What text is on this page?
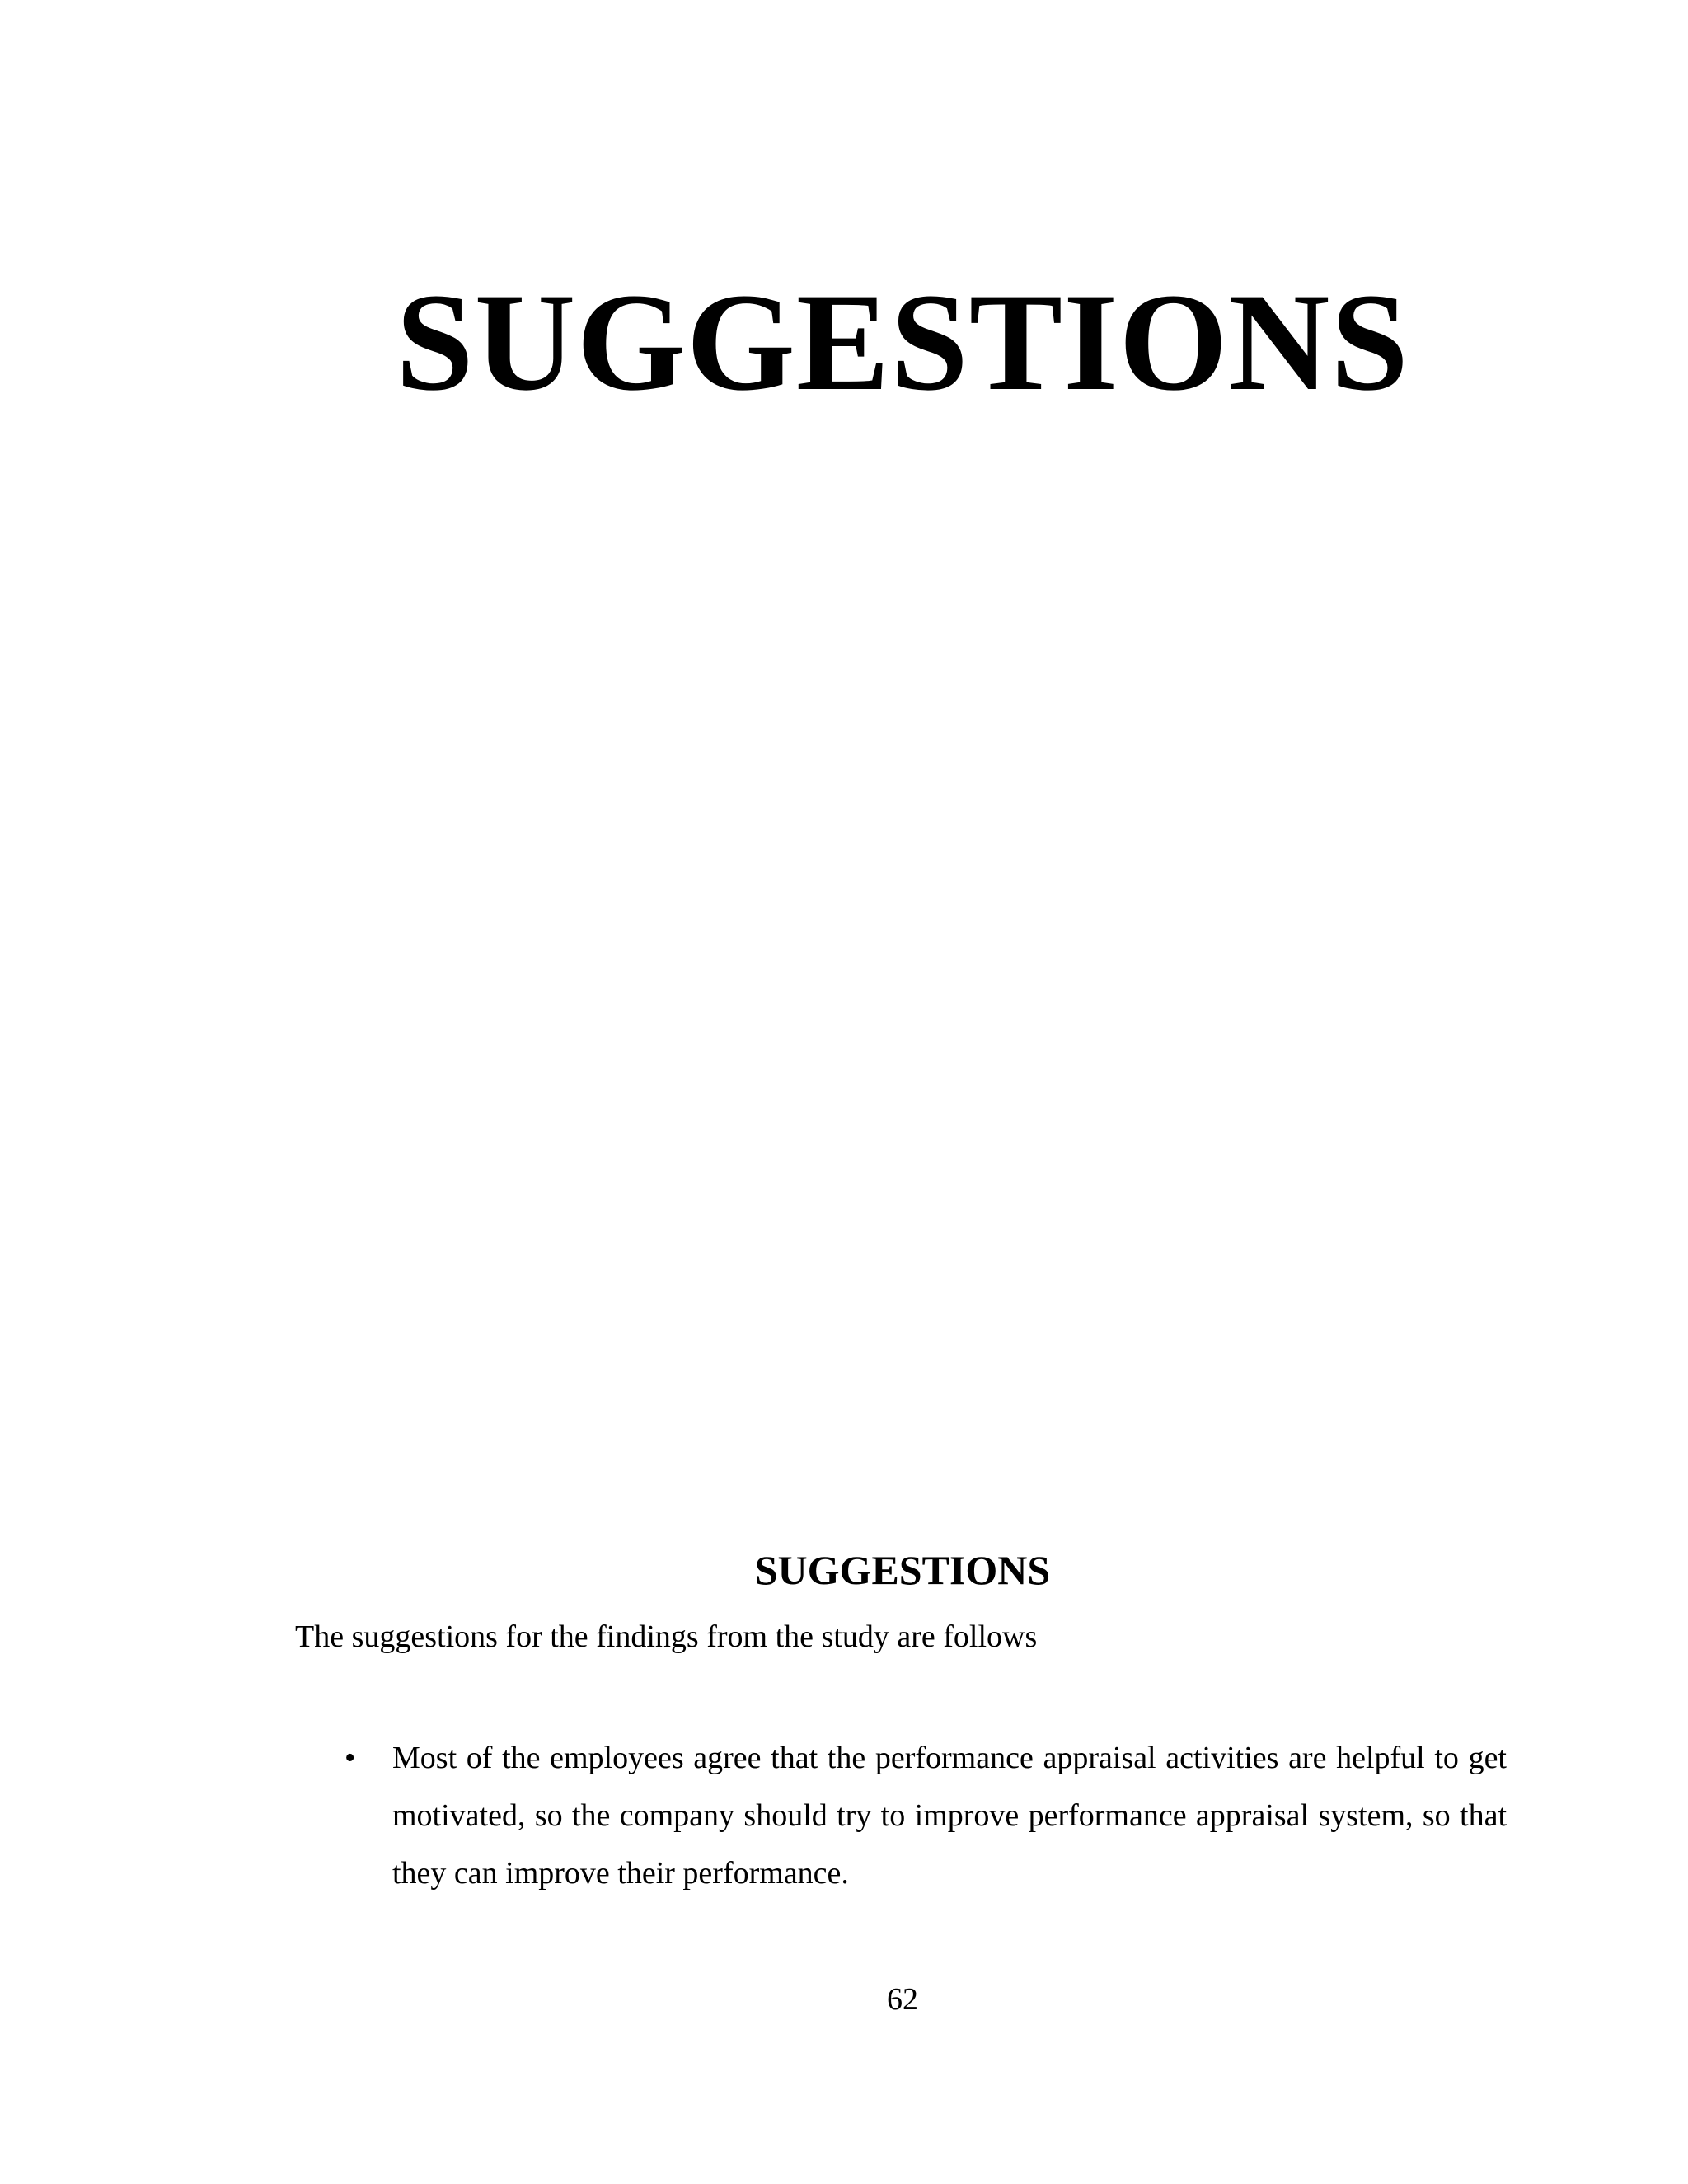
SUGGESTIONS
SUGGESTIONS

The suggestions for the findings from the study are follows

• Most of the employees agree that the performance appraisal activities are helpful to get motivated, so the company should try to improve performance appraisal system, so that they can improve their performance.
62
